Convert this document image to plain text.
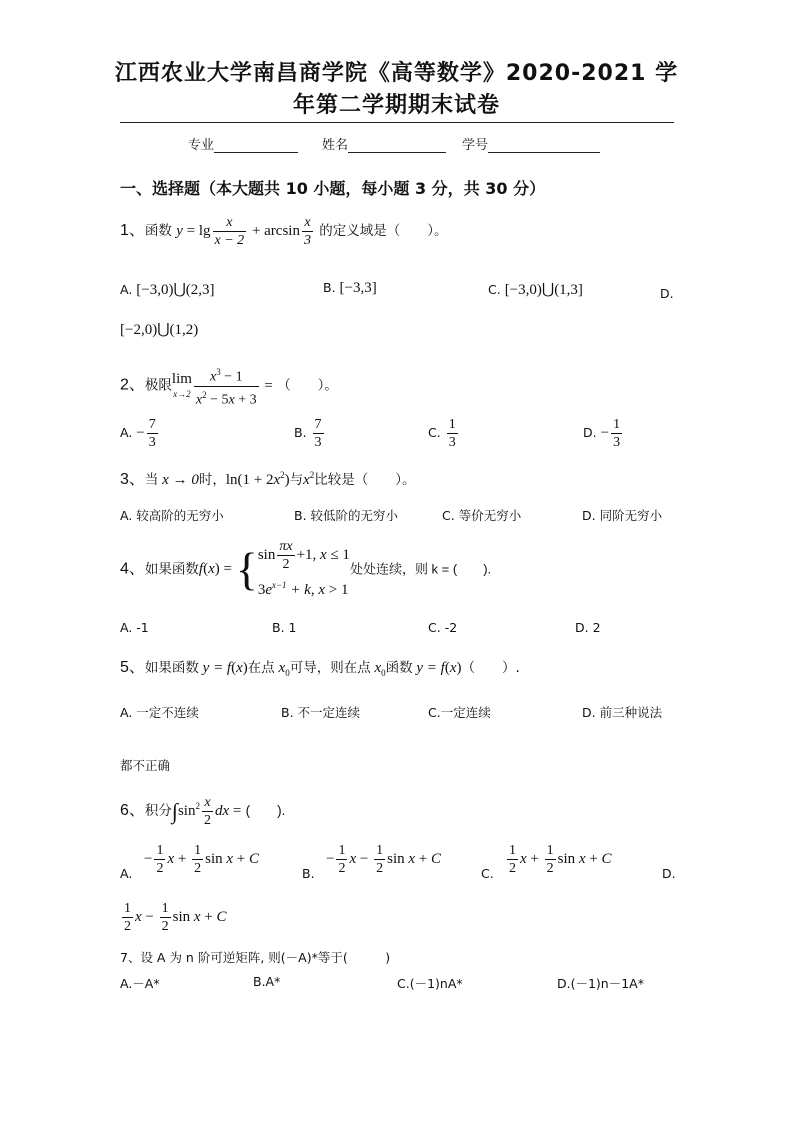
江西农业大学南昌商学院《高等数学》2020-2021 学
年第二学期期末试卷
专业	姓名	学号
一、选择题（本大题共 10 小题，每小题 3 分，共 30 分）
1、函数 $y = \lg \frac{x}{x - 2} + \arcsin \frac{x}{3}$ 的定义域是（　　）。
A. [−3,0)⋃(2,3]	B. [−3,3]	C. [−3,0)⋃(1,3]	D.
[−2,0)⋃(1,2)
2、极限lim
$x\to 2 \frac{x^3 - 1}{x^2 - 5x + 3}$ = （　　）。
A. − $\frac{7}{3}$	B. $\frac{7}{3}$	C. $\frac{1}{3}$	D. − $\frac{1}{3}$
3、当 x → 0时，$\ln(1 + 2x^2)$与$x^2$比较是（　　）。
A. 较高阶的无穷小	B. 较低阶的无穷小	C. 等价无穷小	D. 同阶无穷小
4、如果函数f(x) = { $\sin \frac{\pi x}{2} +1$, x ≤ 1
$3e^{x-1} + k$, x > 1
处处连续，则 k = (　　).
A. -1	B. 1	C. -2	D. 2
5、如果函数 y = f(x)在点 $x_0$可导，则在点 $x_0$函数 y = f(x)（　　）.
A. 一定不连续	B. 不一定连续	C.一定连续	D. 前三种说法
都不正确
6、积分$\int\sin^2 \frac{x}{2}$ dx = (　　).
A.
− $\frac{1}{2}$ $x + \frac{1}{2}$ sin x + C
B.
− $\frac{1}{2}$ $x - \frac{1}{2}$ sin x + C
C. $\frac{1}{2}$ $x + \frac{1}{2}$ sin x + C
D.
$\frac{1}{2}$ $x - \frac{1}{2}$ sin x + C
7、设 A 为 n 阶可逆矩阵, 则(－A)*等于(　　　)
A.－A*	B.A*	C.(－1)nA*	D.(－1)n－1A*
